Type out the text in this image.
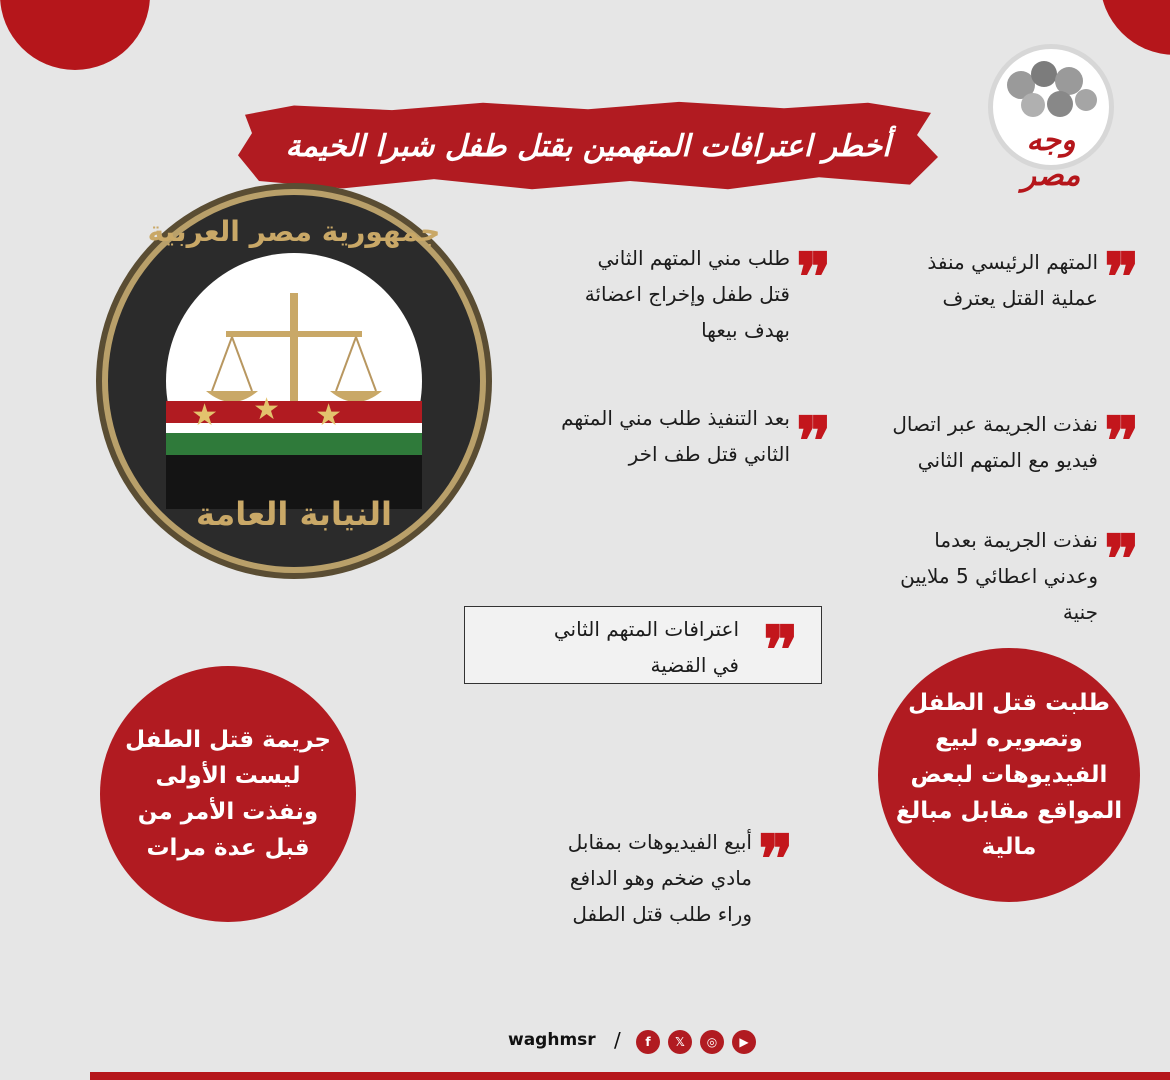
أخطر اعترافات المتهمين بقتل طفل شبرا الخيمة	وجه مصر
جمهورية مصر العربية
★ ★ ★
النيابة العامة
❞
المتهم الرئيسي منفذ
عملية القتل يعترف
❞
طلب مني المتهم الثاني
قتل طفل وإخراج اعضائة
بهدف بيعها
❞
نفذت الجريمة عبر اتصال
فيديو مع المتهم الثاني
❞
بعد التنفيذ طلب مني المتهم
الثاني قتل طف اخر
❞
نفذت الجريمة بعدما
وعدني اعطائي 5 ملايين
جنية
❞
اعترافات المتهم الثاني
في القضية
جريمة قتل الطفل
ليست الأولى
ونفذت الأمر من
قبل عدة مرات
طلبت قتل الطفل
وتصويره لبيع
الفيديوهات لبعض
المواقع مقابل مبالغ
مالية
❞
أبيع الفيديوهات بمقابل
مادي ضخم وهو الدافع
وراء طلب قتل الطفل
waghmsr /	f	𝕏	◎	▶
